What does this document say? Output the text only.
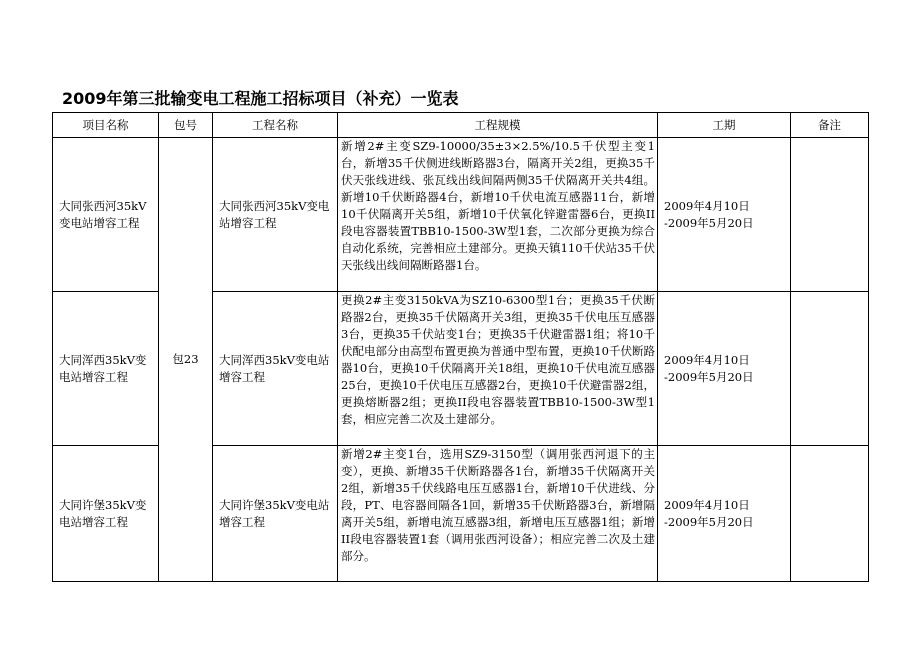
2009年第三批输变电工程施工招标项目（补充）一览表
项目名称	包号	工程名称	工程规模	工期	备注
大同张西河35kV变电站增容工程	包23	大同张西河35kV变电站增容工程	新增2#主变SZ9-10000/35±3×2.5%/10.5千伏型主变1台，新增35千伏侧进线断路器3台，隔离开关2组，更换35千伏天张线进线、张瓦线出线间隔两侧35千伏隔离开关共4组。新增10千伏断路器4台，新增10千伏电流互感器11台，新增10千伏隔离开关5组，新增10千伏氧化锌避雷器6台，更换II段电容器装置TBB10-1500-3W型1套，二次部分更换为综合自动化系统，完善相应土建部分。更换天镇110千伏站35千伏天张线出线间隔断路器1台。	2009年4月10日
-2009年5月20日	

大同浑西35kV变电站增容工程		大同浑西35kV变电站增容工程	更换2#主变3150kVA为SZ10-6300型1台；更换35千伏断路器2台，更换35千伏隔离开关3组，更换35千伏电压互感器3台，更换35千伏站变1台；更换35千伏避雷器1组；将10千伏配电部分由高型布置更换为普通中型布置，更换10千伏断路器10台，更换10千伏隔离开关18组，更换10千伏电流互感器25台，更换10千伏电压互感器2台，更换10千伏避雷器2组，更换熔断器2组；更换II段电容器装置TBB10-1500-3W型1套，相应完善二次及土建部分。	2009年4月10日
-2009年5月20日	

大同许堡35kV变电站增容工程		大同许堡35kV变电站增容工程	新增2#主变1台，选用SZ9-3150型（调用张西河退下的主变），更换、新增35千伏断路器各1台，新增35千伏隔离开关2组，新增35千伏线路电压互感器1台，新增10千伏进线、分段，PT、电容器间隔各1回，新增35千伏断路器3台，新增隔离开关5组，新增电流互感器3组，新增电压互感器1组；新增II段电容器装置1套（调用张西河设备）；相应完善二次及土建部分。	2009年4月10日
-2009年5月20日	
